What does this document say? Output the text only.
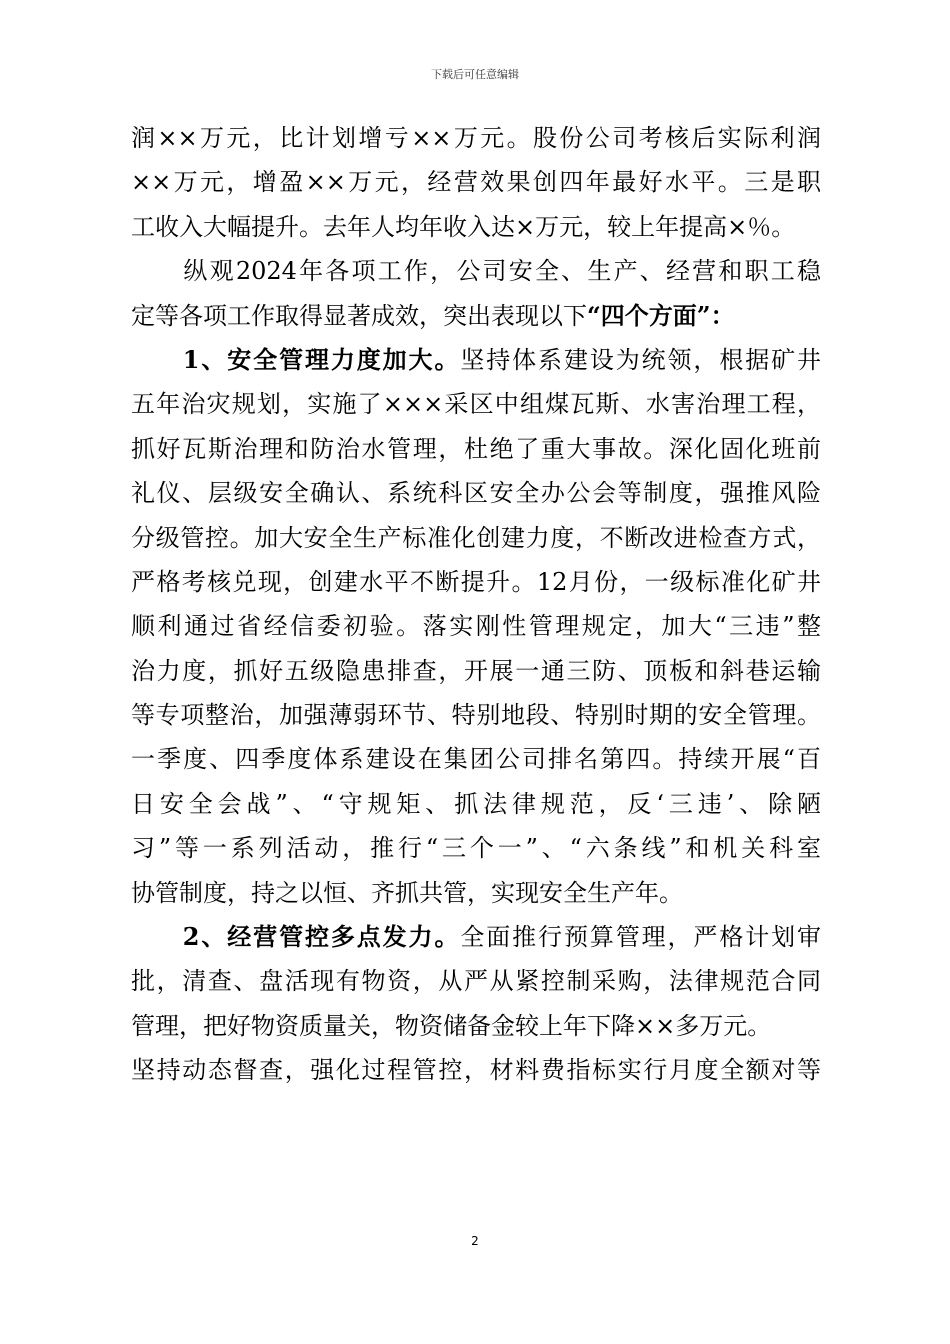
下载后可任意编辑
润××万元，比计划增亏××万元。股份公司考核后实际利润
××万元，增盈××万元，经营效果创四年最好水平。三是职
工收入大幅提升。去年人均年收入达×万元，较上年提高×％。
　　纵观2024年各项工作，公司安全、生产、经营和职工稳
定等各项工作取得显著成效，突出表现以下“四个方面”：
　　1、安全管理力度加大。坚持体系建设为统领，根据矿井
五年治灾规划，实施了×××采区中组煤瓦斯、水害治理工程，
抓好瓦斯治理和防治水管理，杜绝了重大事故。深化固化班前
礼仪、层级安全确认、系统科区安全办公会等制度，强推风险
分级管控。加大安全生产标准化创建力度，不断改进检查方式，
严格考核兑现，创建水平不断提升。12月份，一级标准化矿井
顺利通过省经信委初验。落实刚性管理规定，加大“三违”整
治力度，抓好五级隐患排查，开展一通三防、顶板和斜巷运输
等专项整治，加强薄弱环节、特别地段、特别时期的安全管理。
一季度、四季度体系建设在集团公司排名第四。持续开展“百
日安全会战”、“守规矩、抓法律规范，反‘三违’、除陋
习”等一系列活动，推行“三个一”、“六条线”和机关科室
协管制度，持之以恒、齐抓共管，实现安全生产年。
　　2、经营管控多点发力。全面推行预算管理，严格计划审
批，清查、盘活现有物资，从严从紧控制采购，法律规范合同
管理，把好物资质量关，物资储备金较上年下降××多万元。
坚持动态督查，强化过程管控，材料费指标实行月度全额对等
2
